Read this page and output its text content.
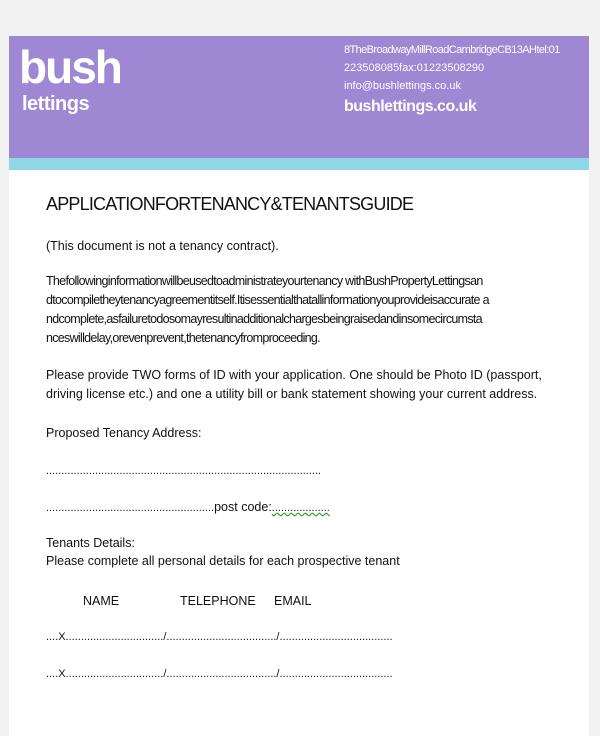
bush
lettings
8TheBroadwayMillRoadCambridgeCB13AHtel:01
223508085fax:01223508290
info@bushlettings.co.uk
bushlettings.co.uk
APPLICATIONFORTENANCY&TENANTSGUIDE
(This document is not a tenancy contract).
Thefollowinginformationwillbeusedtoadministrateyourtenancy withBushPropertyLettingsan
dtocompiletheytenancyagreementitself.Itisessentialthatallinformationyouprovideisaccurate a
ndcomplete,asfailuretodosomayresultinadditionalchargesbeingraisedandinsomecircumsta
nceswilldelay,orevenprevent,thetenancyfromproceeding.
Please provide TWO forms of ID with your application. One should be Photo ID (passport,
driving license etc.) and one a utility bill or bank statement showing your current address.
Proposed Tenancy Address:
..........................................................................................
.......................................................post code:...................
Tenants Details:
Please complete all personal details for each prospective tenant
NAME	TELEPHONE EMAIL
....X................................/..................................../.....................................
....X................................/..................................../.....................................
